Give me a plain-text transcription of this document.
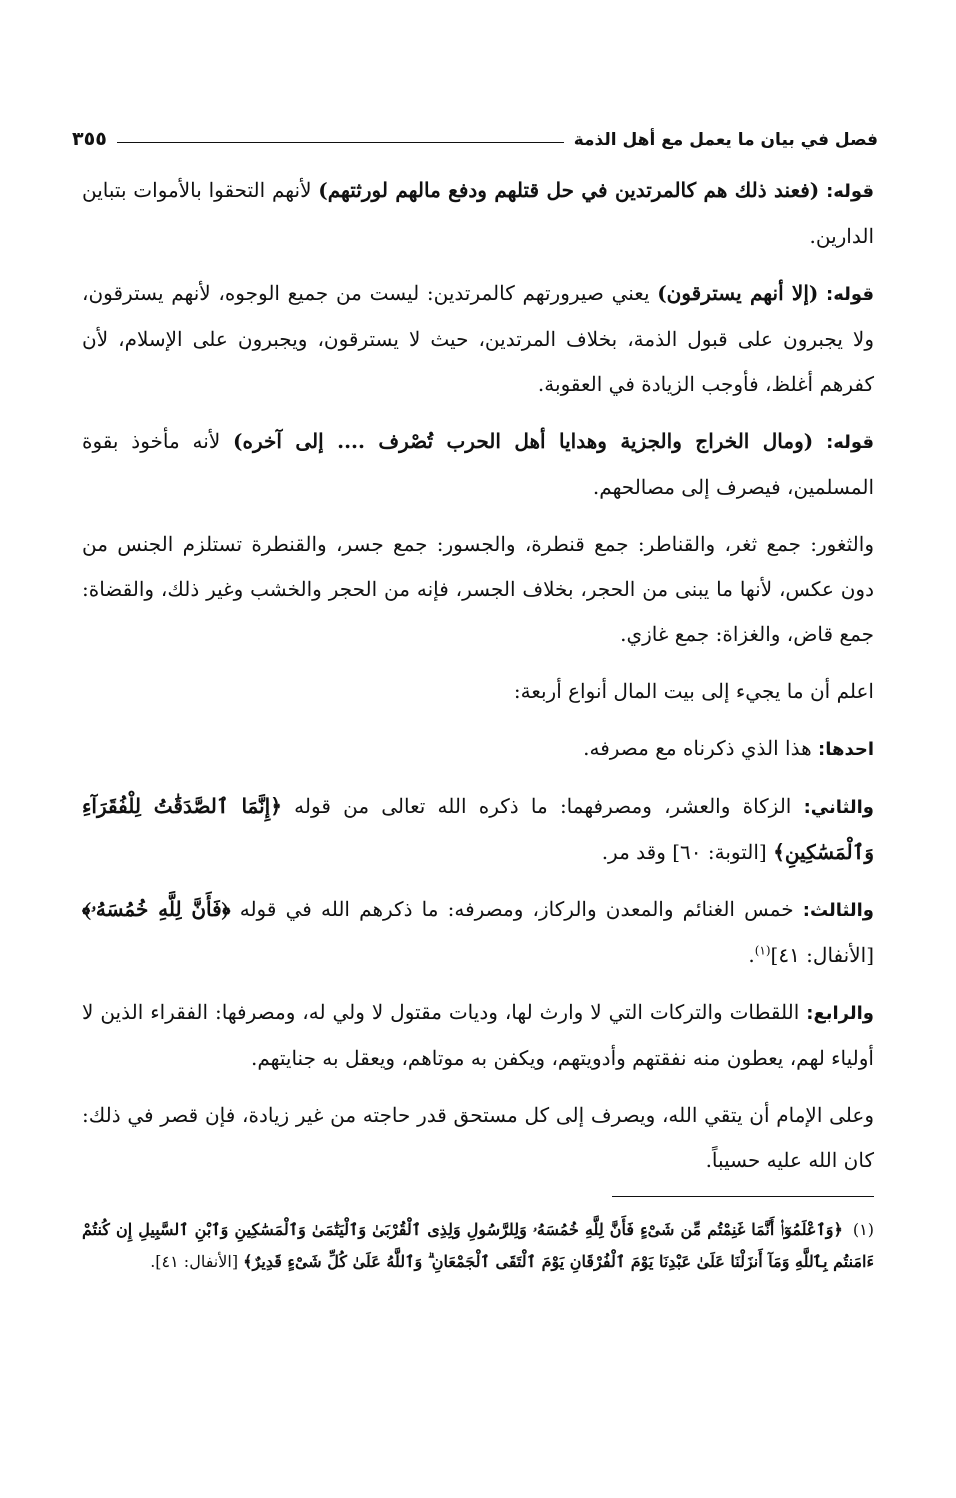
فصل في بيان ما يعمل مع أهل الذمة
٣٥٥

قوله: (فعند ذلك هم كالمرتدين في حل قتلهم ودفع مالهم لورثتهم) لأنهم التحقوا بالأموات بتباين الدارين.

قوله: (إلا أنهم يسترقون) يعني صيرورتهم كالمرتدين: ليست من جميع الوجوه، لأنهم يسترقون، ولا يجبرون على قبول الذمة، بخلاف المرتدين، حيث لا يسترقون، ويجبرون على الإسلام، لأن كفرهم أغلظ، فأوجب الزيادة في العقوبة.

قوله: (ومال الخراج والجزية وهدايا أهل الحرب تُصْرف .... إلى آخره) لأنه مأخوذ بقوة المسلمين، فيصرف إلى مصالحهم.

والثغور: جمع ثغر، والقناطر: جمع قنطرة، والجسور: جمع جسر، والقنطرة تستلزم الجنس من دون عكس، لأنها ما يبنى من الحجر، بخلاف الجسر، فإنه من الحجر والخشب وغير ذلك، والقضاة: جمع قاض، والغزاة: جمع غازي.

اعلم أن ما يجيء إلى بيت المال أنواع أربعة:

احدها: هذا الذي ذكرناه مع مصرفه.

والثاني: الزكاة والعشر، ومصرفهما: ما ذكره الله تعالى من قوله ﴿إِنَّمَا ٱلصَّدَقَٰتُ لِلْفُقَرَآءِ وَٱلْمَسَٰكِينِ﴾ [التوبة: ٦٠] وقد مر.

والثالث: خمس الغنائم والمعدن والركاز، ومصرفه: ما ذكرهم الله في قوله ﴿فَأَنَّ لِلَّهِ خُمُسَهُۥ﴾ [الأنفال: ٤١]$^{(١)}$.

والرابع: اللقطات والتركات التي لا وارث لها، وديات مقتول لا ولي له، ومصرفها: الفقراء الذين لا أولياء لهم، يعطون منه نفقتهم وأدويتهم، ويكفن به موتاهم، ويعقل به جنايتهم.

وعلى الإمام أن يتقي الله، ويصرف إلى كل مستحق قدر حاجته من غير زيادة، فإن قصر في ذلك: كان الله عليه حسيباً.

(١)﴿وَٱعْلَمُوٓا۟ أَنَّمَا غَنِمْتُم مِّن شَىْءٍ فَأَنَّ لِلَّهِ خُمُسَهُۥ وَلِلرَّسُولِ وَلِذِى ٱلْقُرْبَىٰ وَٱلْيَتَٰمَىٰ وَٱلْمَسَٰكِينِ وَٱبْنِ ٱلسَّبِيلِ إِن كُنتُمْ ءَامَنتُم بِٱللَّهِ وَمَآ أَنزَلْنَا عَلَىٰ عَبْدِنَا يَوْمَ ٱلْفُرْقَانِ يَوْمَ ٱلْتَقَى ٱلْجَمْعَانِ ۗ وَٱللَّهُ عَلَىٰ كُلِّ شَىْءٍ قَدِيرٌ﴾ [الأنفال: ٤١].
